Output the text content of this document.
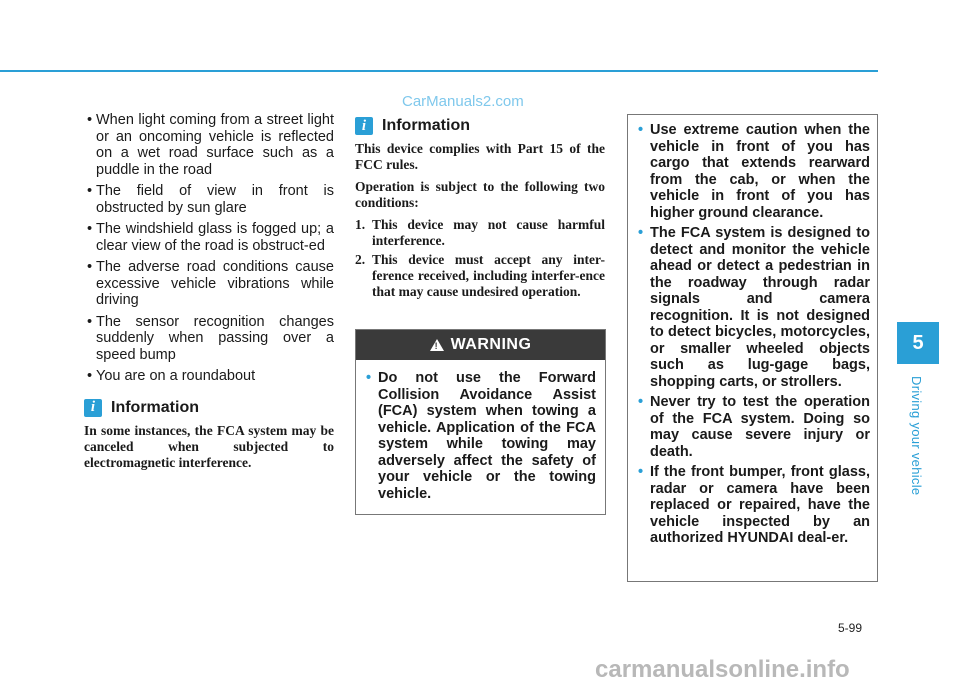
CarManuals2.com
• When light coming from a street light or an oncoming vehicle is reflected on a wet road surface such as a puddle in the road
• The field of view in front is obstructed by sun glare
• The windshield glass is fogged up; a clear view of the road is obstruct-ed
• The adverse road conditions cause excessive vehicle vibrations while driving
• The sensor recognition changes suddenly when passing over a speed bump
• You are on a roundabout
i Information
In some instances, the FCA system may be canceled when subjected to electromagnetic interference.
i Information

This device complies with Part 15 of the FCC rules.

Operation is subject to the following two conditions:

1. This device may not cause harmful interference.
2. This device must accept any inter-ference received, including interfer-ence that may cause undesired operation.
! WARNING
• Do not use the Forward Collision Avoidance Assist (FCA) system when towing a vehicle. Application of the FCA system while towing may adversely affect the safety of your vehicle or the towing vehicle.
• Use extreme caution when the vehicle in front of you has cargo that extends rearward from the cab, or when the vehicle in front of you has higher ground clearance.
• The FCA system is designed to detect and monitor the vehicle ahead or detect a pedestrian in the roadway through radar signals and camera recognition. It is not designed to detect bicycles, motorcycles, or smaller wheeled objects such as lug-gage bags, shopping carts, or strollers.
• Never try to test the operation of the FCA system. Doing so may cause severe injury or death.
• If the front bumper, front glass, radar or camera have been replaced or repaired, have the vehicle inspected by an authorized HYUNDAI deal-er.
5
Driving your vehicle
5-99
carmanualsonline.info
